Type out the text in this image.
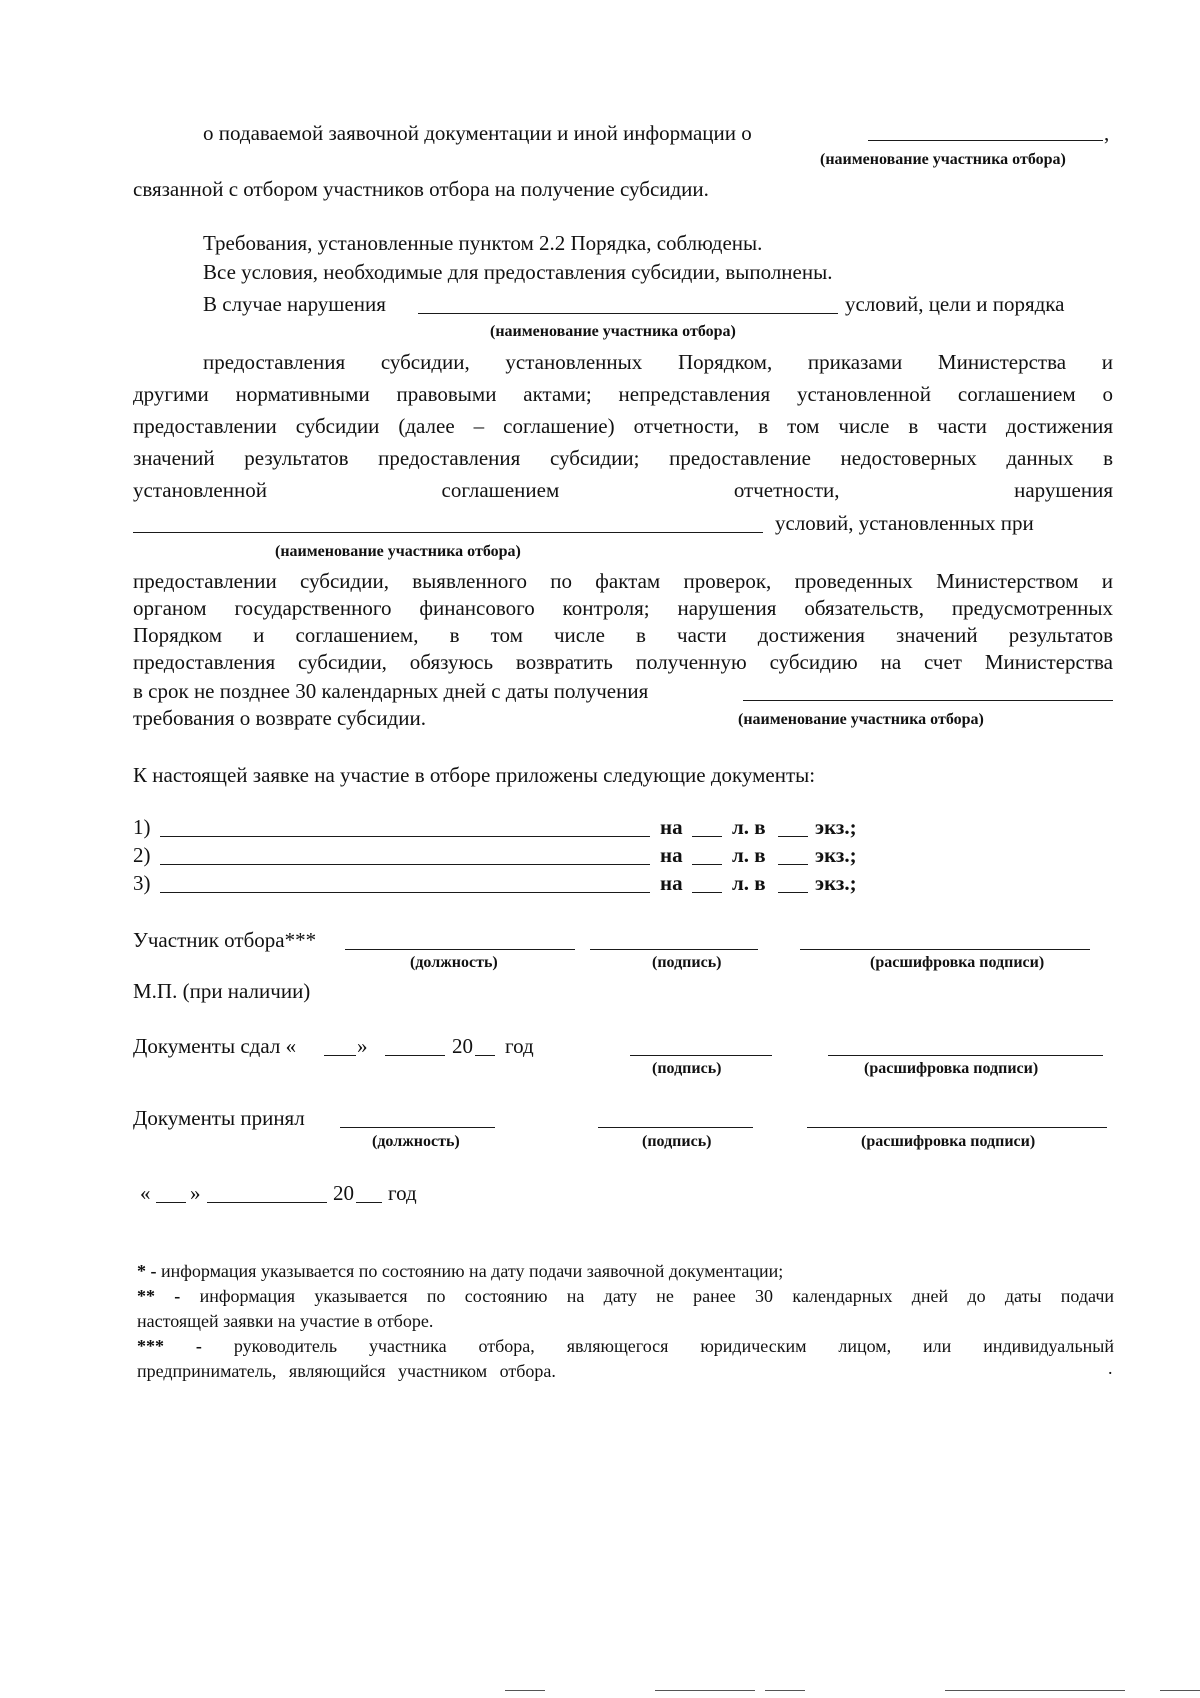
о подаваемой заявочной документации и иной информации о	,
(наименование участника отбора)
связанной с отбором участников отбора на получение субсидии.
Требования, установленные пунктом 2.2 Порядка, соблюдены.
Все условия, необходимые для предоставления субсидии, выполнены.
В случае нарушения	условий, цели и порядка
(наименование участника отбора)
предоставления субсидии, установленных Порядком, приказами Министерства и
другими нормативными правовыми актами; непредставления установленной соглашением о
предоставлении субсидии (далее – соглашение) отчетности, в том числе в части достижения
значений результатов предоставления субсидии; предоставление недостоверных данных в
установленной соглашением отчетности, нарушения
условий, установленных при
(наименование участника отбора)
предоставлении субсидии, выявленного по фактам проверок, проведенных Министерством и
органом государственного финансового контроля; нарушения обязательств, предусмотренных
Порядком и соглашением, в том числе в части достижения значений результатов
предоставления субсидии, обязуюсь возвратить полученную субсидию на счет Министерства
в срок не позднее 30 календарных дней с даты получения
требования о возврате субсидии.	(наименование участника отбора)
К настоящей заявке на участие в отборе приложены следующие документы:
1)	на л. в экз.;
2)	на л. в экз.;
3)	на л. в экз.;
Участник отбора***
(должность)	(подпись)	(расшифровка подписи)
М.П. (при наличии)
Документы сдал «	»	20 год
(подпись)	(расшифровка подписи)
Документы принял
(должность)	(подпись)	(расшифровка подписи)
« »	20 год
* - информация указывается по состоянию на дату подачи заявочной документации;
** - информация указывается по состоянию на дату не ранее 30 календарных дней до даты подачи
настоящей заявки на участие в отборе.
*** - руководитель участника отбора, являющегося юридическим лицом, или индивидуальный
предприниматель, являющийся участником отбора.	.
